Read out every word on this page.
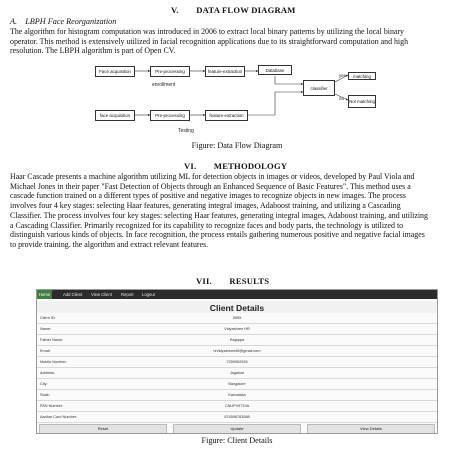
V.  DATA FLOW DIAGRAM
A. LBPH Face Reorganization
The algorithm for histogram computation was introduced in 2006 to extract local binary patterns by utilizing the local binary
operator. This method is extensively utilized in facial recognition applications due to its straightforward computation and high
resolution. The LBPH algorithm is part of Open CV.
Face acquisition	Pre-processing	feature-extraction	Database
classifier
matching
Not matching
yes
no
enrollment
face acquisition	Pre-processing	feature-extraction
Testing
Figure: Data Flow Diagram
VI.  METHODOLOGY
Haar Cascade presents a machine algorithm utilizing ML for detection objects in images or videos, developed by Paul Viola and
Michael Jones in their paper "Fast Detection of Objects through an Enhanced Sequence of Basic Features". This method uses a
cascade function trained on a different types of positive and negative images to recognize objects in new images. The process
involves four 4 key stages: selecting Haar features, generating integral images, Adaboost training, and utilizing a Cascading
Classifier. The process involves four key stages: selecting Haar features, generating integral images, Adaboost training, and utilizing
a Cascading Classifier. Primarily recognized for its capability to recognize faces and body parts, the technology is utilized to
distinguish various kinds of objects. In face recognition, the process entails gathering numerous positive and negative facial images
to provide training. the algorithm and extract relevant features.
VII.  RESULTS
Home	Add Client	View Client	Report	Logout
Client Details
Client ID:	5555
Name:	Vidyashree HR
Father Name:	Rajappa
Email:	hrvidyashree46@gmail.com
Mobile Number:	7259952926
Address:	Jagalore
City:	Bangalore
State:	Karnataka
PAN Number:	CNUPV9719A
Aadhar Card Number:	874598783588
Reset	Update	View Details
Figure: Client Details
